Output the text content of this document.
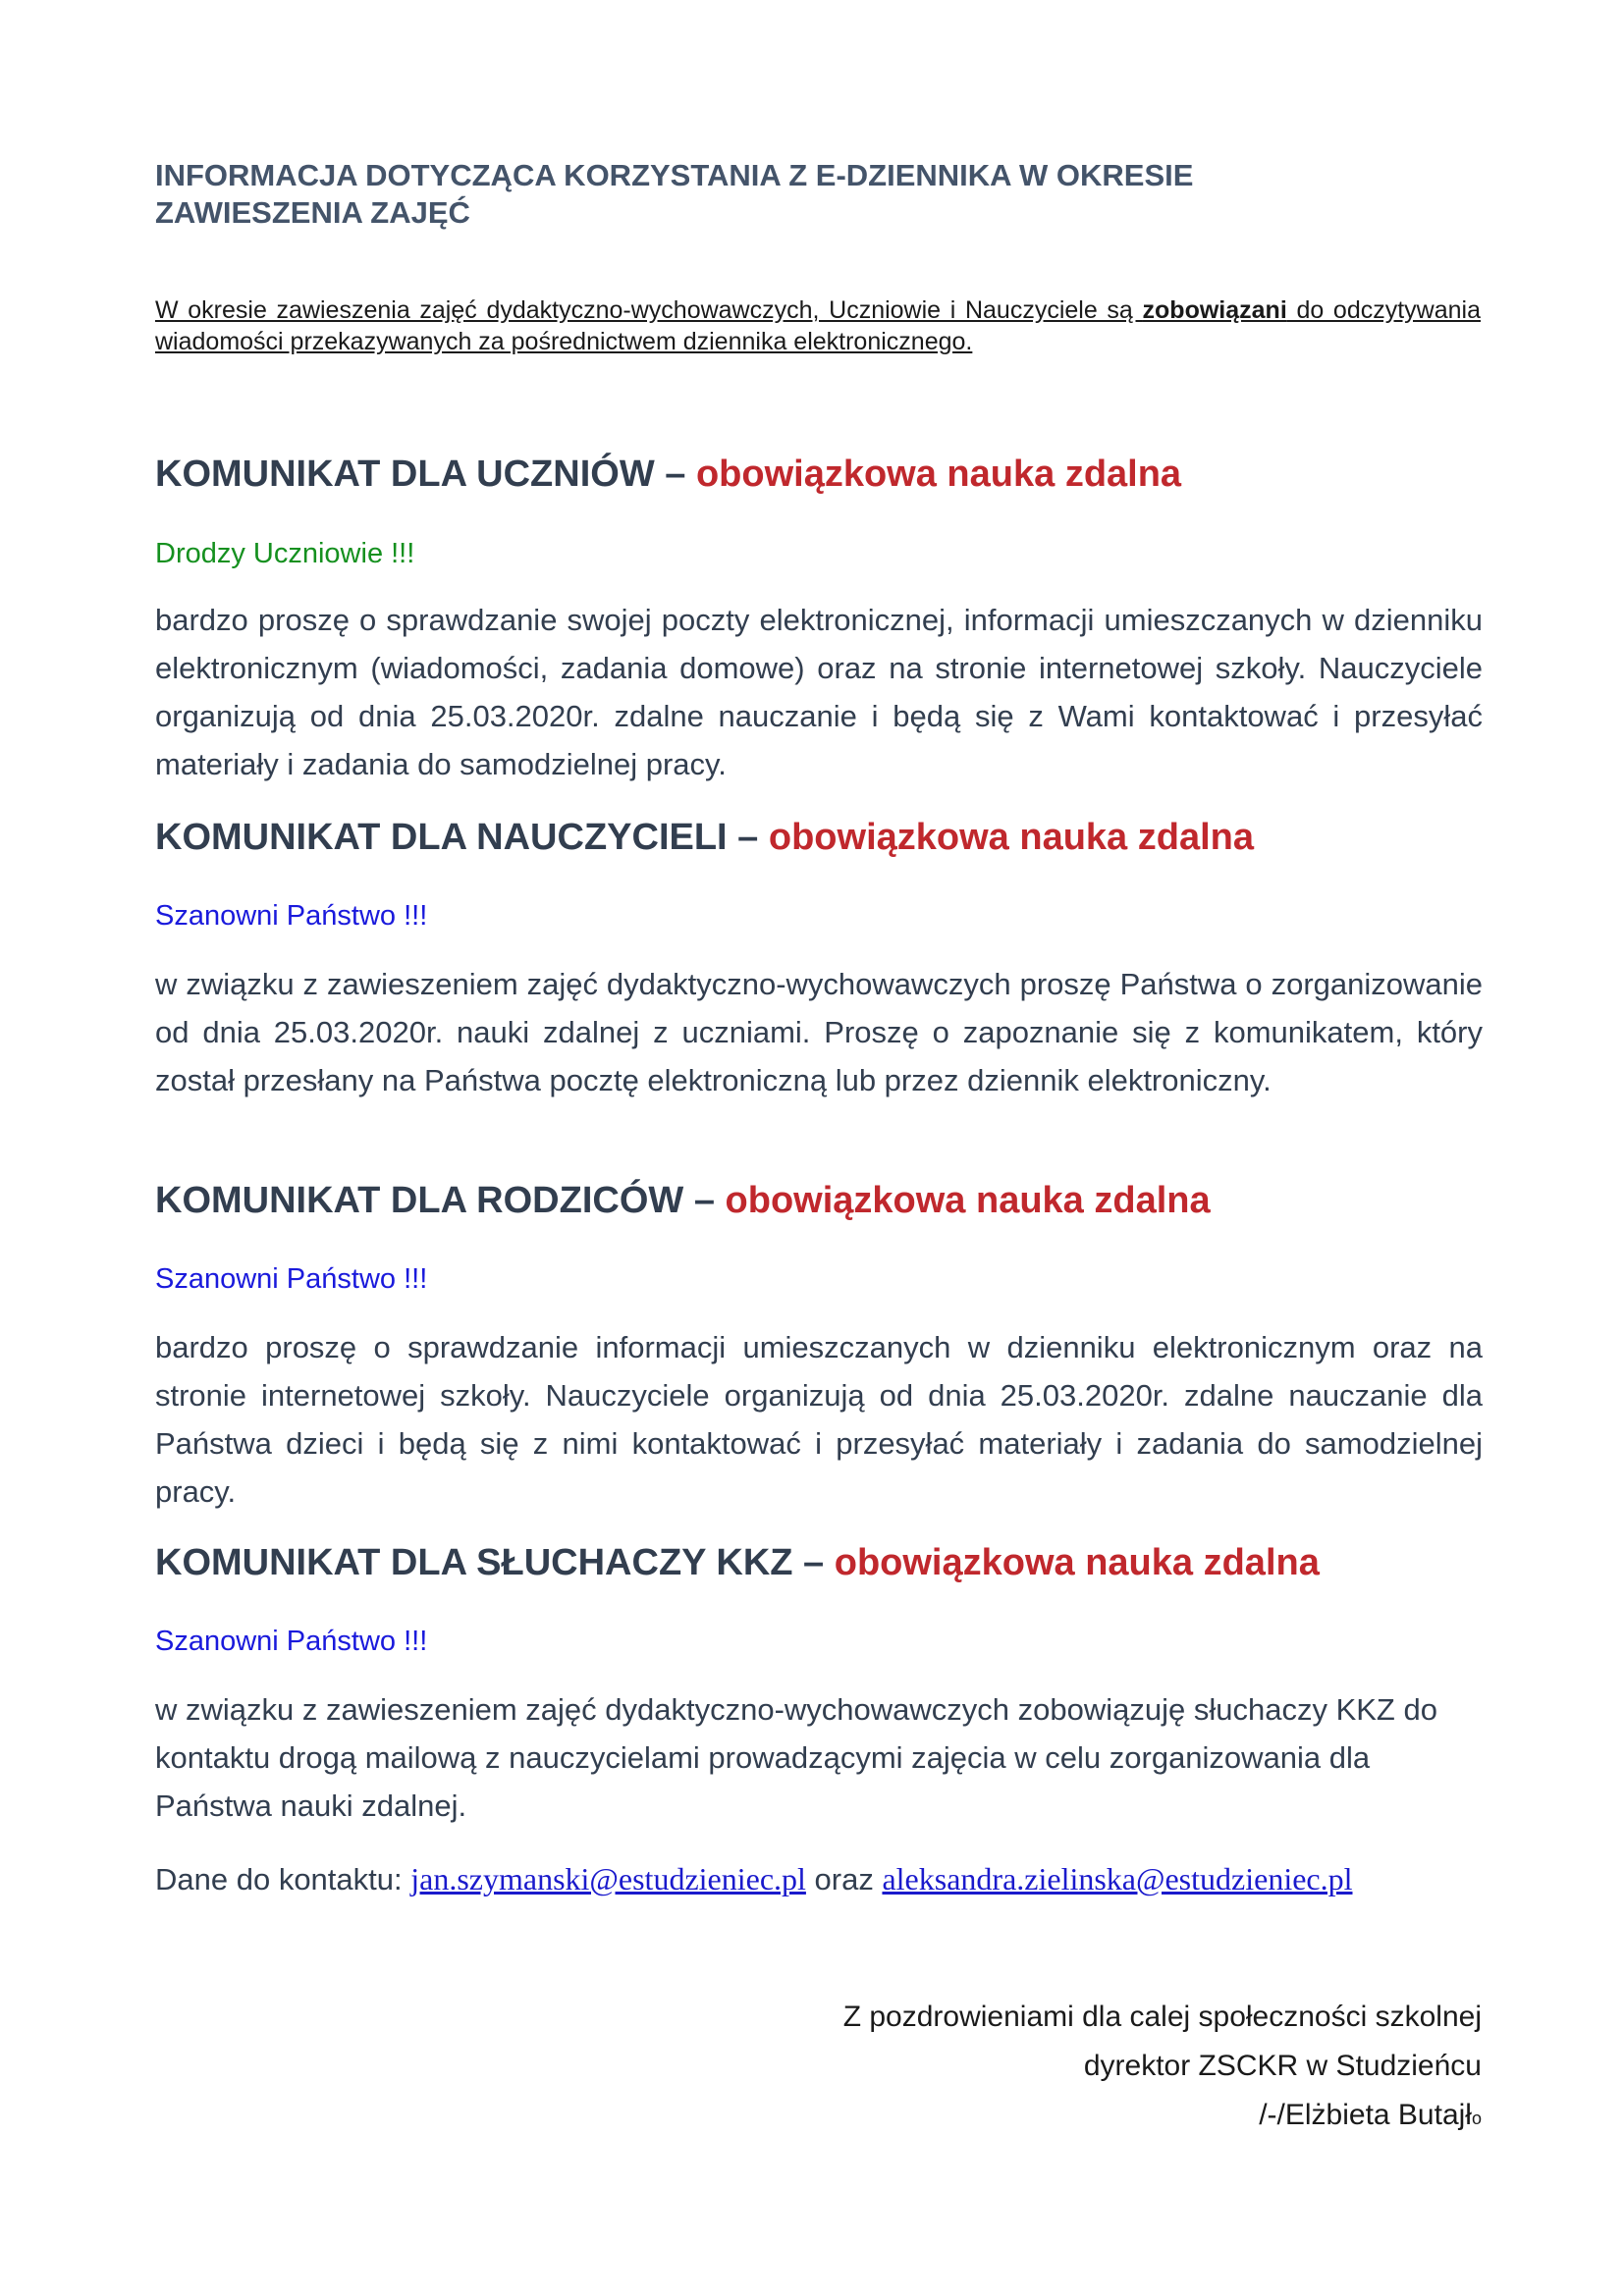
INFORMACJA DOTYCZĄCA KORZYSTANIA Z E-DZIENNIKA W OKRESIE
ZAWIESZENIA ZAJĘĆ

W okresie zawieszenia zajęć dydaktyczno-wychowawczych, Uczniowie i Nauczyciele są zobowiązani do odczytywania wiadomości przekazywanych za pośrednictwem dziennika elektronicznego.

KOMUNIKAT DLA UCZNIÓW – obowiązkowa nauka zdalna

Drodzy Uczniowie !!!

bardzo proszę o sprawdzanie swojej poczty elektronicznej, informacji umieszczanych w dzienniku elektronicznym (wiadomości, zadania domowe) oraz na stronie internetowej szkoły. Nauczyciele organizują od dnia 25.03.2020r. zdalne nauczanie i będą się z Wami kontaktować i przesyłać materiały i zadania do samodzielnej pracy.

KOMUNIKAT DLA NAUCZYCIELI – obowiązkowa nauka zdalna

Szanowni Państwo !!!

w związku z zawieszeniem zajęć dydaktyczno-wychowawczych proszę Państwa o zorganizowanie od dnia 25.03.2020r. nauki zdalnej z uczniami. Proszę o zapoznanie się z komunikatem, który został przesłany na Państwa pocztę elektroniczną lub przez dziennik elektroniczny.

KOMUNIKAT DLA RODZICÓW – obowiązkowa nauka zdalna

Szanowni Państwo !!!

bardzo proszę o sprawdzanie informacji umieszczanych w dzienniku elektronicznym oraz na stronie internetowej szkoły. Nauczyciele organizują od dnia 25.03.2020r. zdalne nauczanie dla Państwa dzieci i będą się z nimi kontaktować i przesyłać materiały i zadania do samodzielnej pracy.

KOMUNIKAT DLA SŁUCHACZY KKZ – obowiązkowa nauka zdalna

Szanowni Państwo !!!

w związku z zawieszeniem zajęć dydaktyczno-wychowawczych zobowiązuję słuchaczy KKZ do kontaktu drogą mailową z nauczycielami prowadzącymi zajęcia w celu zorganizowania dla Państwa nauki zdalnej.

Dane do kontaktu: jan.szymanski@estudzieniec.pl oraz aleksandra.zielinska@estudzieniec.pl

Z pozdrowieniami dla calej społeczności szkolnej
dyrektor ZSCKR w Studzieńcu
/-/Elżbieta Butajło
